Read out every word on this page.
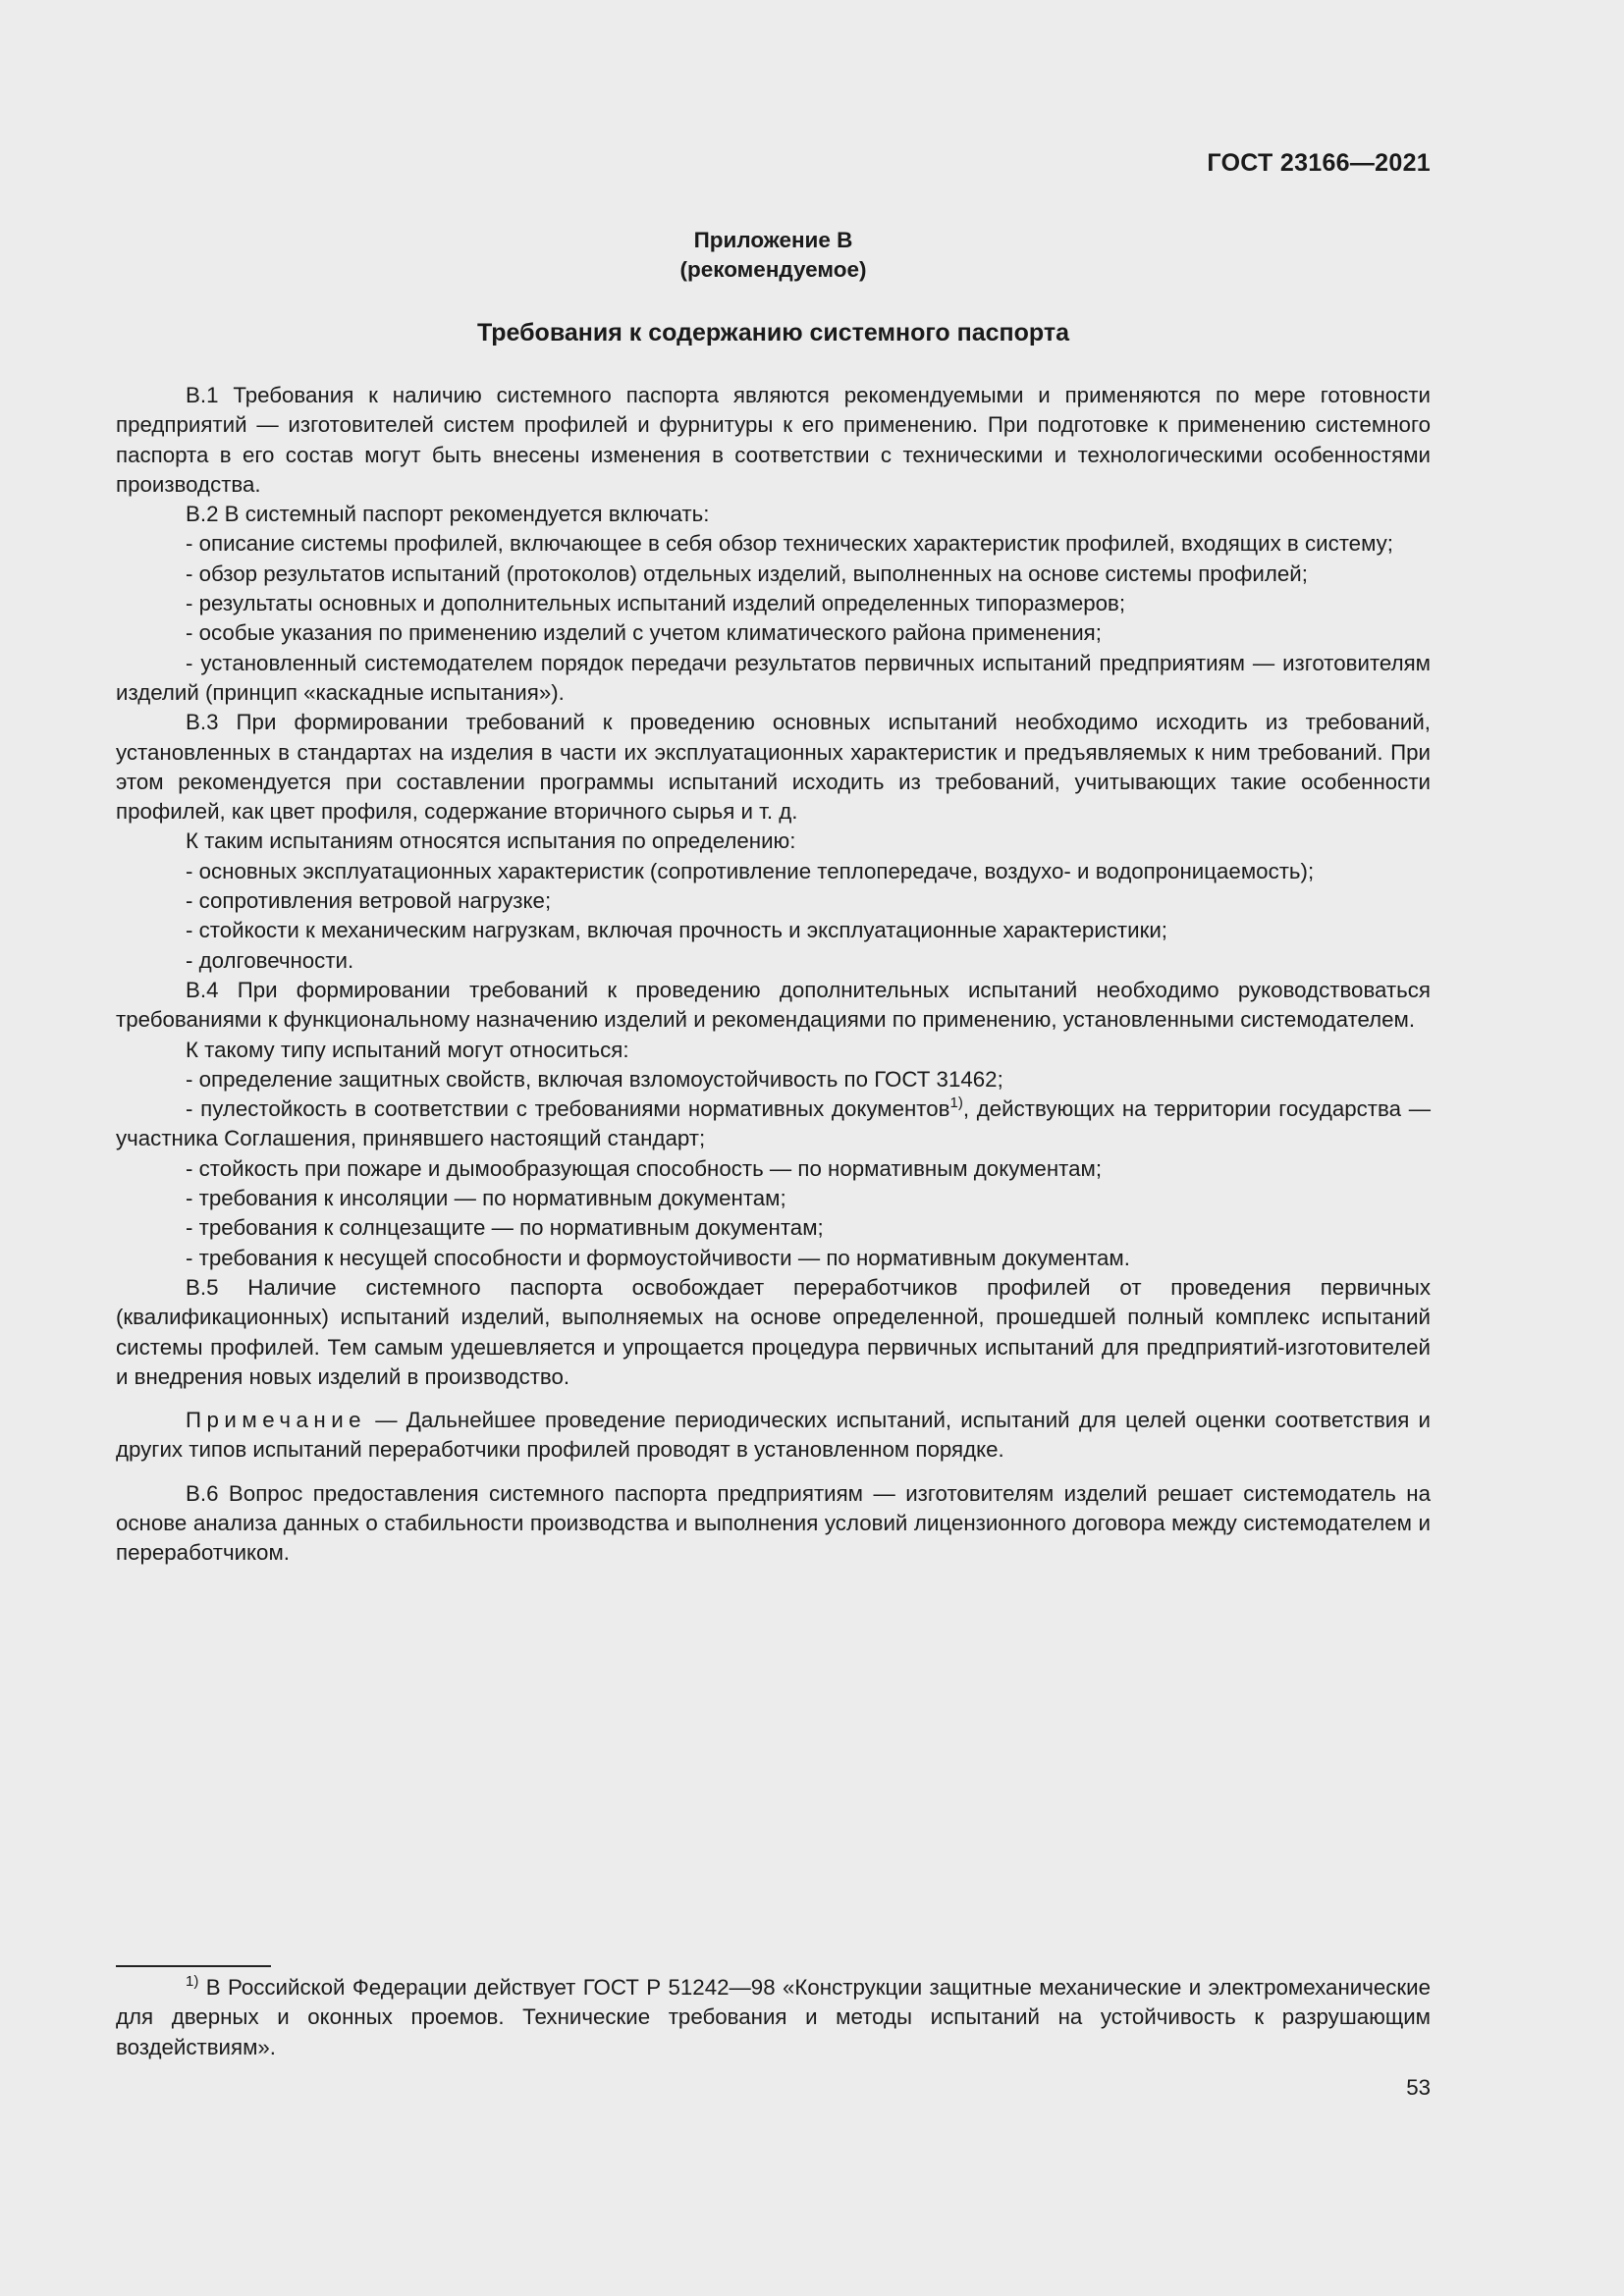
ГОСТ 23166—2021
Приложение В
(рекомендуемое)
Требования к содержанию системного паспорта

В.1 Требования к наличию системного паспорта являются рекомендуемыми и применяются по мере готовности предприятий — изготовителей систем профилей и фурнитуры к его применению. При подготовке к применению системного паспорта в его состав могут быть внесены изменения в соответствии с техническими и технологическими особенностями производства.

В.2 В системный паспорт рекомендуется включать:

- описание системы профилей, включающее в себя обзор технических характеристик профилей, входящих в систему;

- обзор результатов испытаний (протоколов) отдельных изделий, выполненных на основе системы профилей;

- результаты основных и дополнительных испытаний изделий определенных типоразмеров;

- особые указания по применению изделий с учетом климатического района применения;

- установленный системодателем порядок передачи результатов первичных испытаний предприятиям — изготовителям изделий (принцип «каскадные испытания»).

В.3 При формировании требований к проведению основных испытаний необходимо исходить из требований, установленных в стандартах на изделия в части их эксплуатационных характеристик и предъявляемых к ним требований. При этом рекомендуется при составлении программы испытаний исходить из требований, учитывающих такие особенности профилей, как цвет профиля, содержание вторичного сырья и т. д.

К таким испытаниям относятся испытания по определению:

- основных эксплуатационных характеристик (сопротивление теплопередаче, воздухо- и водопроницаемость);

- сопротивления ветровой нагрузке;

- стойкости к механическим нагрузкам, включая прочность и эксплуатационные характеристики;

- долговечности.

В.4 При формировании требований к проведению дополнительных испытаний необходимо руководствоваться требованиями к функциональному назначению изделий и рекомендациями по применению, установленными системодателем.

К такому типу испытаний могут относиться:

- определение защитных свойств, включая взломоустойчивость по ГОСТ 31462;

- пулестойкость в соответствии с требованиями нормативных документов$^{1)}$, действующих на территории государства — участника Соглашения, принявшего настоящий стандарт;

- стойкость при пожаре и дымообразующая способность — по нормативным документам;

- требования к инсоляции — по нормативным документам;

- требования к солнцезащите — по нормативным документам;

- требования к несущей способности и формоустойчивости — по нормативным документам.

В.5 Наличие системного паспорта освобождает переработчиков профилей от проведения первичных (квалификационных) испытаний изделий, выполняемых на основе определенной, прошедшей полный комплекс испытаний системы профилей. Тем самым удешевляется и упрощается процедура первичных испытаний для предприятий-изготовителей и внедрения новых изделий в производство.

Примечание — Дальнейшее проведение периодических испытаний, испытаний для целей оценки соответствия и других типов испытаний переработчики профилей проводят в установленном порядке.

В.6 Вопрос предоставления системного паспорта предприятиям — изготовителям изделий решает системодатель на основе анализа данных о стабильности производства и выполнения условий лицензионного договора между системодателем и переработчиком.

$^{1)}$ В Российской Федерации действует ГОСТ Р 51242—98 «Конструкции защитные механические и электромеханические для дверных и оконных проемов. Технические требования и методы испытаний на устойчивость к разрушающим воздействиям».

53
